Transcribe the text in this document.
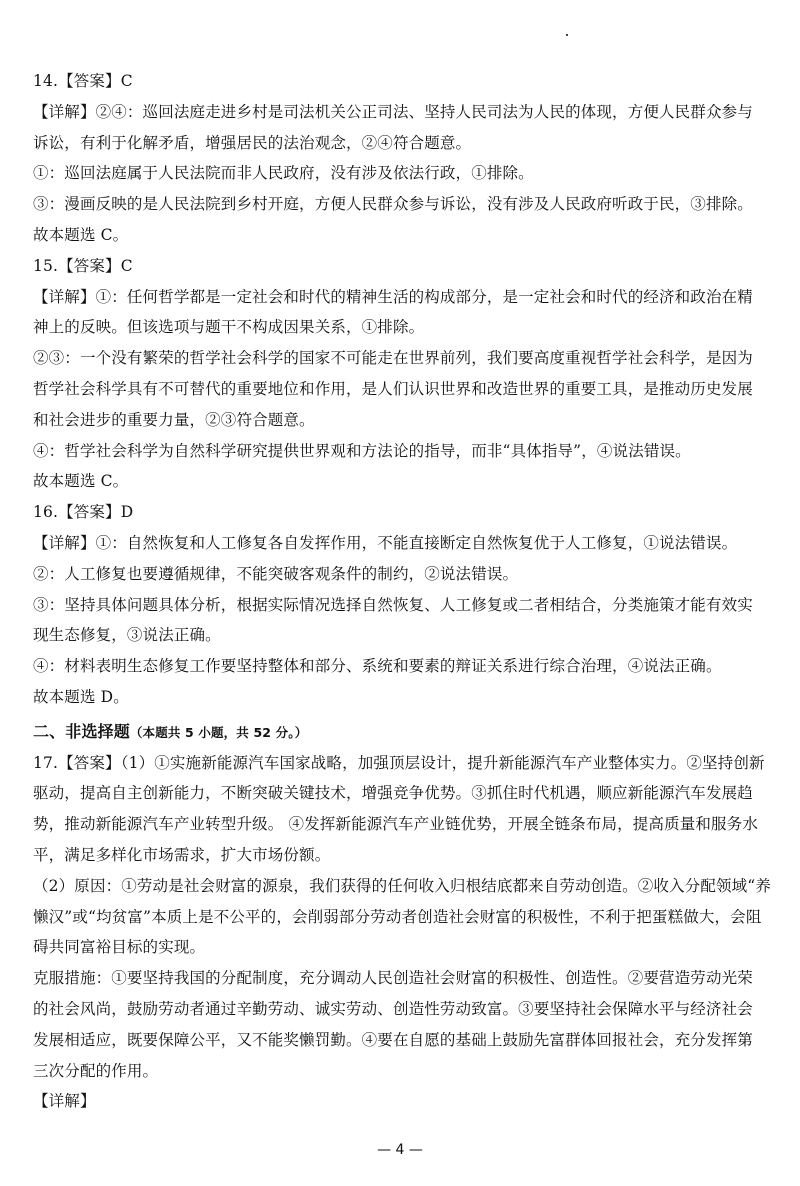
14.【答案】C
【详解】②④：巡回法庭走进乡村是司法机关公正司法、坚持人民司法为人民的体现，方便人民群众参与
诉讼，有利于化解矛盾，增强居民的法治观念，②④符合题意。
①：巡回法庭属于人民法院而非人民政府，没有涉及依法行政，①排除。
③：漫画反映的是人民法院到乡村开庭，方便人民群众参与诉讼，没有涉及人民政府听政于民，③排除。
故本题选 C。
15.【答案】C
【详解】①：任何哲学都是一定社会和时代的精神生活的构成部分，是一定社会和时代的经济和政治在精
神上的反映。但该选项与题干不构成因果关系，①排除。
②③：一个没有繁荣的哲学社会科学的国家不可能走在世界前列，我们要高度重视哲学社会科学，是因为
哲学社会科学具有不可替代的重要地位和作用，是人们认识世界和改造世界的重要工具，是推动历史发展
和社会进步的重要力量，②③符合题意。
④：哲学社会科学为自然科学研究提供世界观和方法论的指导，而非“具体指导”，④说法错误。
故本题选 C。
16.【答案】D
【详解】①：自然恢复和人工修复各自发挥作用，不能直接断定自然恢复优于人工修复，①说法错误。
②：人工修复也要遵循规律，不能突破客观条件的制约，②说法错误。
③：坚持具体问题具体分析，根据实际情况选择自然恢复、人工修复或二者相结合，分类施策才能有效实
现生态修复，③说法正确。
④：材料表明生态修复工作要坚持整体和部分、系统和要素的辩证关系进行综合治理，④说法正确。
故本题选 D。
二、非选择题（本题共 5 小题，共 52 分。）
17.【答案】（1）①实施新能源汽车国家战略，加强顶层设计，提升新能源汽车产业整体实力。②坚持创新
驱动，提高自主创新能力，不断突破关键技术，增强竞争优势。③抓住时代机遇，顺应新能源汽车发展趋
势，推动新能源汽车产业转型升级。 ④发挥新能源汽车产业链优势，开展全链条布局，提高质量和服务水
平，满足多样化市场需求，扩大市场份额。
（2）原因：①劳动是社会财富的源泉，我们获得的任何收入归根结底都来自劳动创造。②收入分配领域“养
懒汉”或“均贫富”本质上是不公平的，会削弱部分劳动者创造社会财富的积极性，不利于把蛋糕做大，会阻
碍共同富裕目标的实现。
克服措施：①要坚持我国的分配制度，充分调动人民创造社会财富的积极性、创造性。②要营造劳动光荣
的社会风尚，鼓励劳动者通过辛勤劳动、诚实劳动、创造性劳动致富。③要坚持社会保障水平与经济社会
发展相适应，既要保障公平，又不能奖懒罚勤。④要在自愿的基础上鼓励先富群体回报社会，充分发挥第
三次分配的作用。
【详解】
— 4 —
